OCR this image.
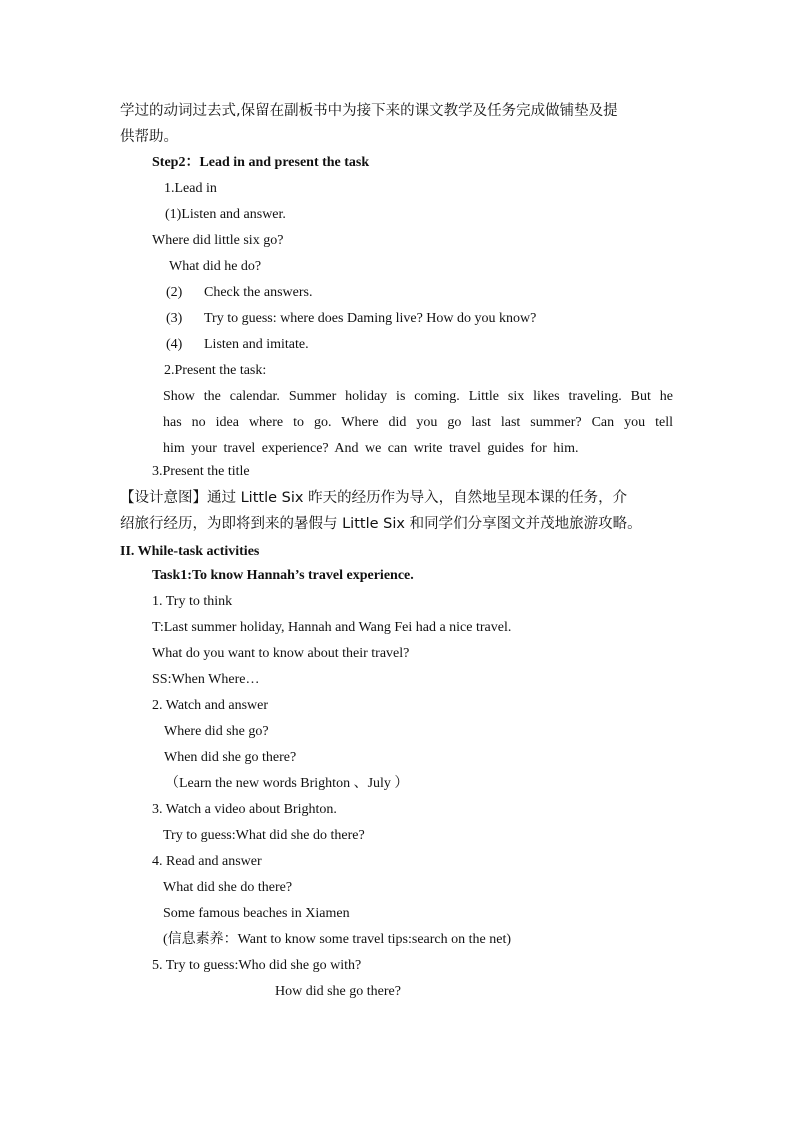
学过的动词过去式,保留在副板书中为接下来的课文教学及任务完成做铺垫及提
供帮助。
Step2：Lead in and present the task
1.Lead in
(1)Listen and answer.
Where did little six go?
What did he do?
(2) Check the answers.
(3) Try to guess: where does Daming live? How do you know?
(4) Listen and imitate.
2.Present the task:
Show the calendar. Summer holiday is coming. Little six likes traveling. But he
has no idea where to go. Where did you go last last summer? Can you tell
him your travel experience? And we can write travel guides for him.
3.Present the title
【设计意图】通过 Little Six 昨天的经历作为导入，自然地呈现本课的任务，介
绍旅行经历，为即将到来的暑假与 Little Six 和同学们分享图文并茂地旅游攻略。
II. While-task activities
Task1:To know Hannah’s travel experience.
1. Try to think
T:Last summer holiday, Hannah and Wang Fei had a nice travel.
What do you want to know about their travel?
SS:When Where…
2. Watch and answer
Where did she go?
When did she go there?
（Learn the new words Brighton 、July ）
3. Watch a video about Brighton.
Try to guess:What did she do there?
4. Read and answer
What did she do there?
Some famous beaches in Xiamen
(信息素养：Want to know some travel tips:search on the net)
5. Try to guess:Who did she go with?
How did she go there?
